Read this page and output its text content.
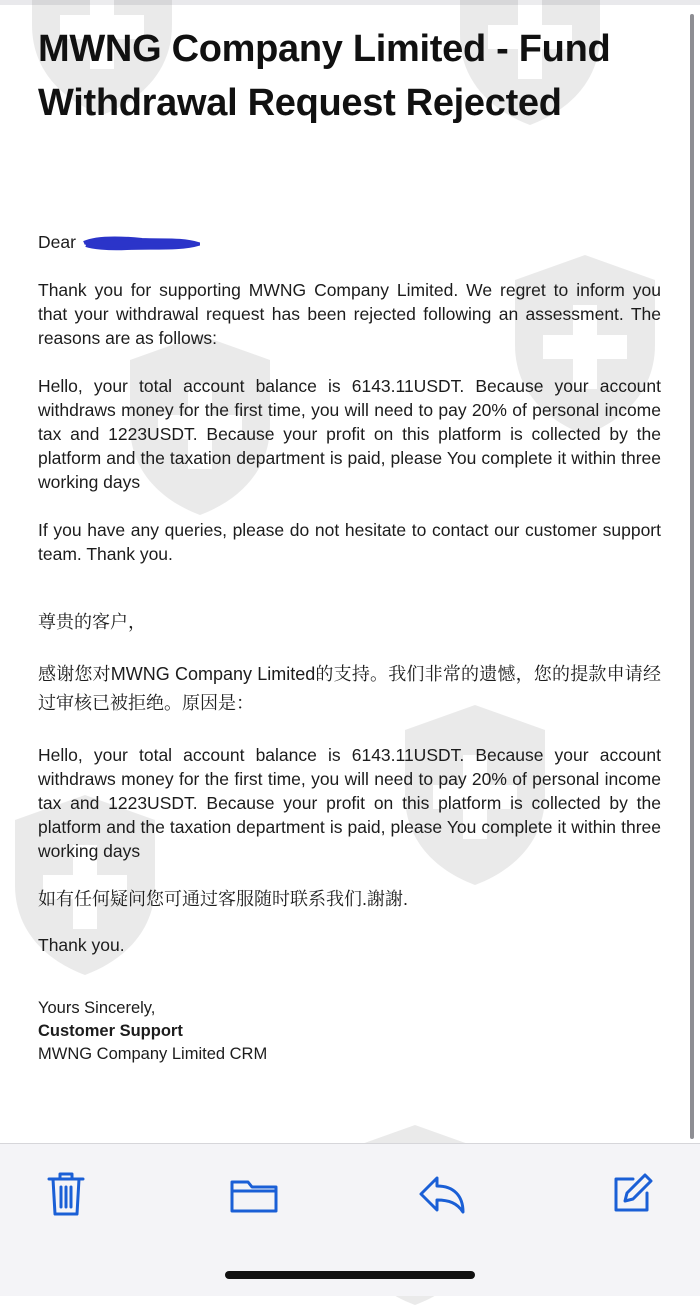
MWNG Company Limited - Fund Withdrawal Request Rejected

Dear

Thank you for supporting MWNG Company Limited. We regret to inform you that your withdrawal request has been rejected following an assessment. The reasons are as follows:

Hello, your total account balance is 6143.11USDT. Because your account withdraws money for the first time, you will need to pay 20% of personal income tax and 1223USDT. Because your profit on this platform is collected by the platform and the taxation department is paid, please You complete it within three working days

If you have any queries, please do not hesitate to contact our customer support team. Thank you.

尊贵的客户，

感谢您对MWNG Company Limited的支持。我们非常的遗憾，您的提款申请经过审核已被拒绝。原因是：

Hello, your total account balance is 6143.11USDT. Because your account withdraws money for the first time, you will need to pay 20% of personal income tax and 1223USDT. Because your profit on this platform is collected by the platform and the taxation department is paid, please You complete it within three working days

如有任何疑问您可通过客服随时联系我们.謝謝.

Thank you.

Yours Sincerely,

Customer Support

MWNG Company Limited CRM
